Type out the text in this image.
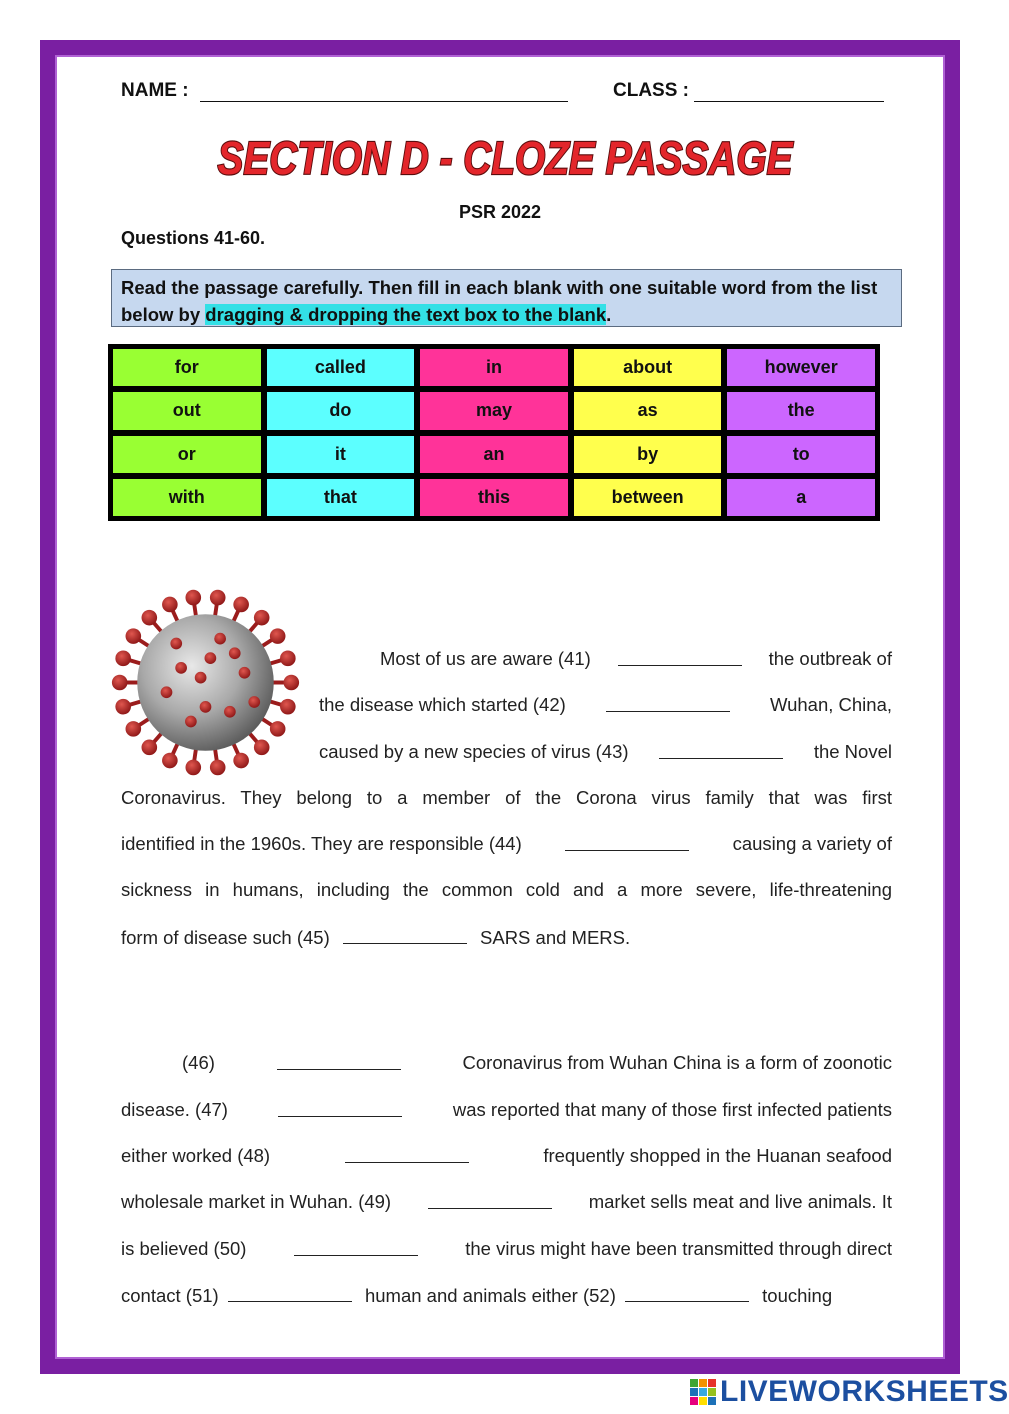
NAME :	CLASS :
SECTION D - CLOZE PASSAGE
PSR 2022
Questions 41-60.
Read the passage carefully. Then fill in each blank with one suitable word from the list below by dragging & dropping the text box to the blank.
for	called	in	about	however
out	do	may	as	the
or	it	an	by	to
with	that	this	between	a
Most of us are aware (41)	the outbreak of
the disease which started (42)	Wuhan, China,
caused by a new species of virus (43)	the Novel
Coronavirus. They belong to a member of the Corona virus family that was first
identified in the 1960s. They are responsible (44)	causing a variety of
sickness in humans, including the common cold and a more severe, life-threatening
form of disease such (45)	SARS and MERS.
(46)	Coronavirus from Wuhan China is a form of zoonotic
disease. (47)	was reported that many of those first infected patients
either worked (48)	frequently shopped in the Huanan seafood
wholesale market in Wuhan. (49)	market sells meat and live animals. It
is believed (50)	the virus might have been transmitted through direct
contact (51)	human and animals either (52)	touching
LIVEWORKSHEETS
